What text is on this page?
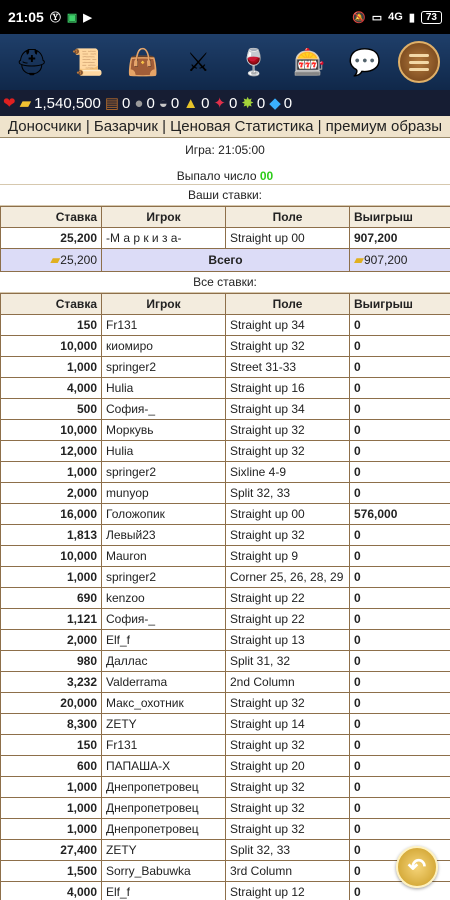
21:05 Ⓨ ▣ ▶	🔕 ▭ 4G ▮	73
⛑ 📜 👜	⚔	🍷 🎰 💬
❤ ▰ 1,540,500 ▤ 0 ● 0 ◒ 0 ▲ 0 ✦ 0 ✸ 0 ◆ 0
Доносчики | Базарчик | Ценовая Статистика | премиум образы
Игра: 21:05:00
Выпало число 00
Ваши ставки:
Ставка	Игрок	Поле	Выигрыш
25,200	-М а р к и з а-	Straight up 00	907,200
▰25,200	Всего		▰907,200
Все ставки:
Ставка	Игрок	Поле	Выигрыш
150	Fr131	Straight up 34	0
10,000	киомиро	Straight up 32	0
1,000	springer2	Street 31-33	0
4,000	Hulia	Straight up 16	0
500	София-_	Straight up 34	0
10,000	Моркувь	Straight up 32	0
12,000	Hulia	Straight up 32	0
1,000	springer2	Sixline 4-9	0
2,000	munyop	Split 32, 33	0
16,000	Голожопик	Straight up 00	576,000
1,813	Левый23	Straight up 32	0
10,000	Mauron	Straight up 9	0
1,000	springer2	Corner 25, 26, 28, 29	0
690	kenzoo	Straight up 22	0
1,121	София-_	Straight up 22	0
2,000	Elf_f	Straight up 13	0
980	Даллас	Split 31, 32	0
3,232	Valderrama	2nd Column	0
20,000	Макс_охотник	Straight up 32	0
8,300	ZETY	Straight up 14	0
150	Fr131	Straight up 32	0
600	ПАПАША-Х	Straight up 20	0
1,000	Днепропетровец	Straight up 32	0
1,000	Днепропетровец	Straight up 32	0
1,000	Днепропетровец	Straight up 32	0
27,400	ZETY	Split 32, 33	0
1,500	Sorry_Babuwka	3rd Column	0
4,000	Elf_f	Straight up 12	0
↶
